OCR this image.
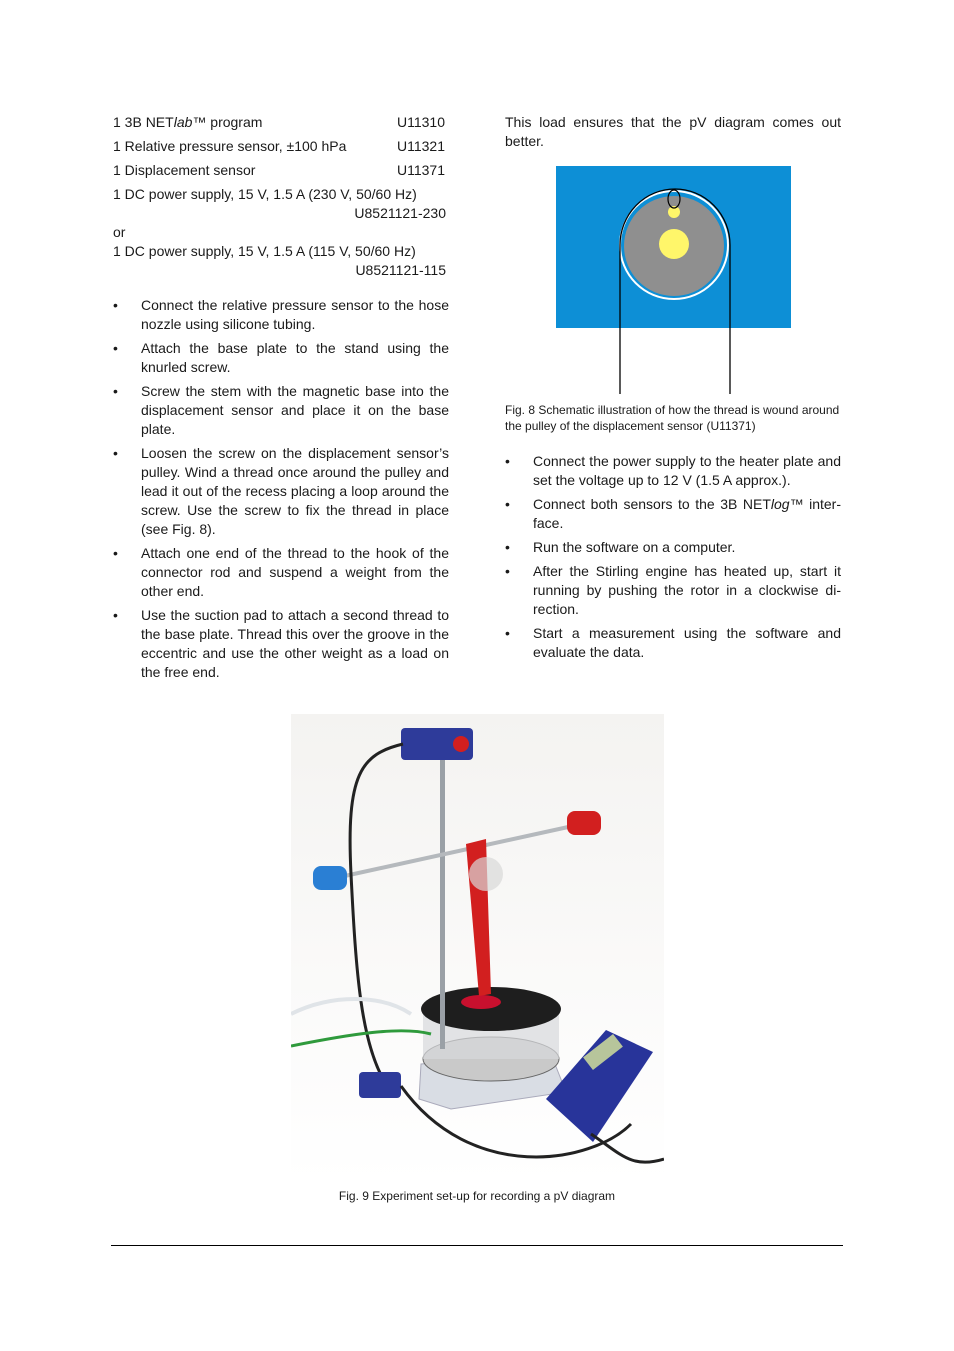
1 3B NETlab™ program	U11310
1 Relative pressure sensor, ±100 hPa	U11321
1 Displacement sensor	U11371
1 DC power supply, 15 V, 1.5 A (230 V, 50/60 Hz)
U8521121-230
or
1 DC power supply, 15 V, 1.5 A (115 V, 50/60 Hz)
U8521121-115
• Connect the relative pressure sensor to the hose nozzle using silicone tubing.
• Attach the base plate to the stand using the knurled screw.
• Screw the stem with the magnetic base into the displacement sensor and place it on the base plate.
• Loosen the screw on the displacement sensor’s pulley. Wind a thread once around the pulley and lead it out of the recess placing a loop around the screw. Use the screw to fix the thread in place (see Fig. 8).
• Attach one end of the thread to the hook of the connector rod and suspend a weight from the other end.
• Use the suction pad to attach a second thread to the base plate. Thread this over the groove in the eccentric and use the other weight as a load on the free end.

This load ensures that the pV diagram comes out better.

Fig. 8 Schematic illustration of how the thread is wound around the pulley of the displacement sensor (U11371)
• Connect the power supply to the heater plate and set the voltage up to 12 V (1.5 A approx.).
• Connect both sensors to the 3B NETlog™ inter-face.
• Run the software on a computer.
• After the Stirling engine has heated up, start it running by pushing the rotor in a clockwise di-rection.
• Start a measurement using the software and evaluate the data.
Fig. 9 Experiment set-up for recording a pV diagram
